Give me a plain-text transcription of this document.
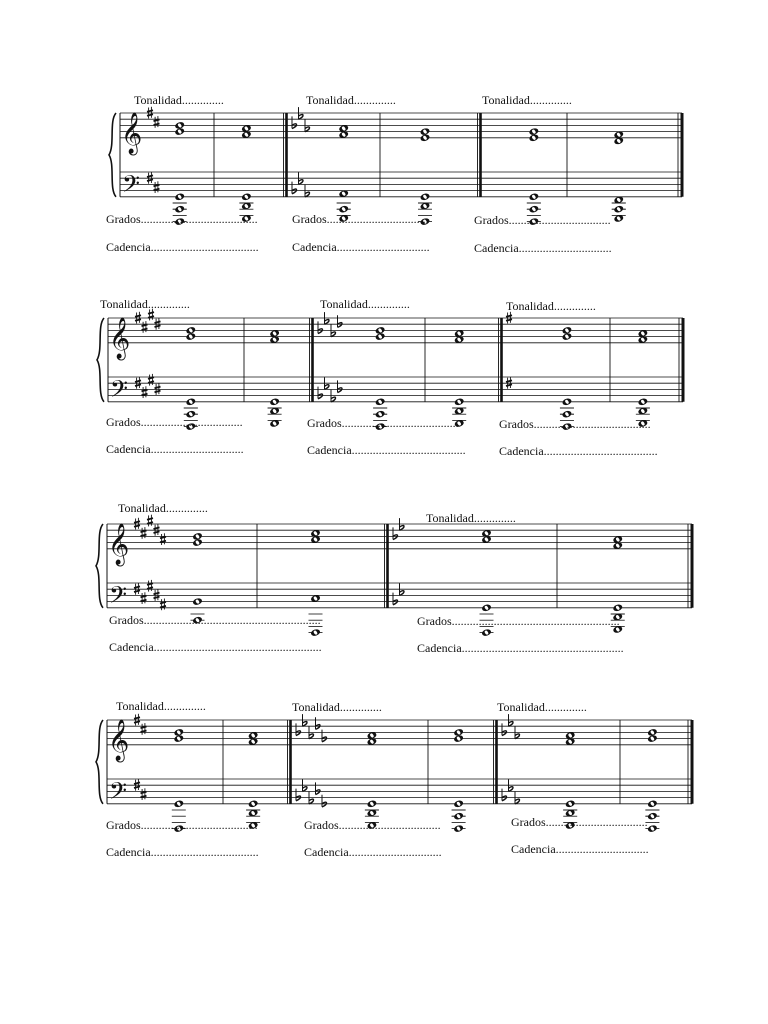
𝄞
𝄢
𝄞
𝄢
𝄞
𝄢
𝄞
𝄢
Tonalidad..............
Grados.......................................
Cadencia....................................
Tonalidad..............
Grados..................................
Cadencia...............................
Tonalidad..............
Grados..................................
Cadencia...............................
Tonalidad..............
Grados..................................
Cadencia...............................
Tonalidad..............
Grados.......................................
Cadencia......................................
Tonalidad..............
Grados.......................................
Cadencia......................................
Tonalidad..............
Grados...........................................................
Cadencia........................................................
Tonalidad..............
Grados........................................................
Cadencia......................................................
Tonalidad..............
Grados.......................................
Cadencia....................................
Tonalidad..............
Grados..................................
Cadencia...............................
Tonalidad..............
Grados..................................
Cadencia...............................
